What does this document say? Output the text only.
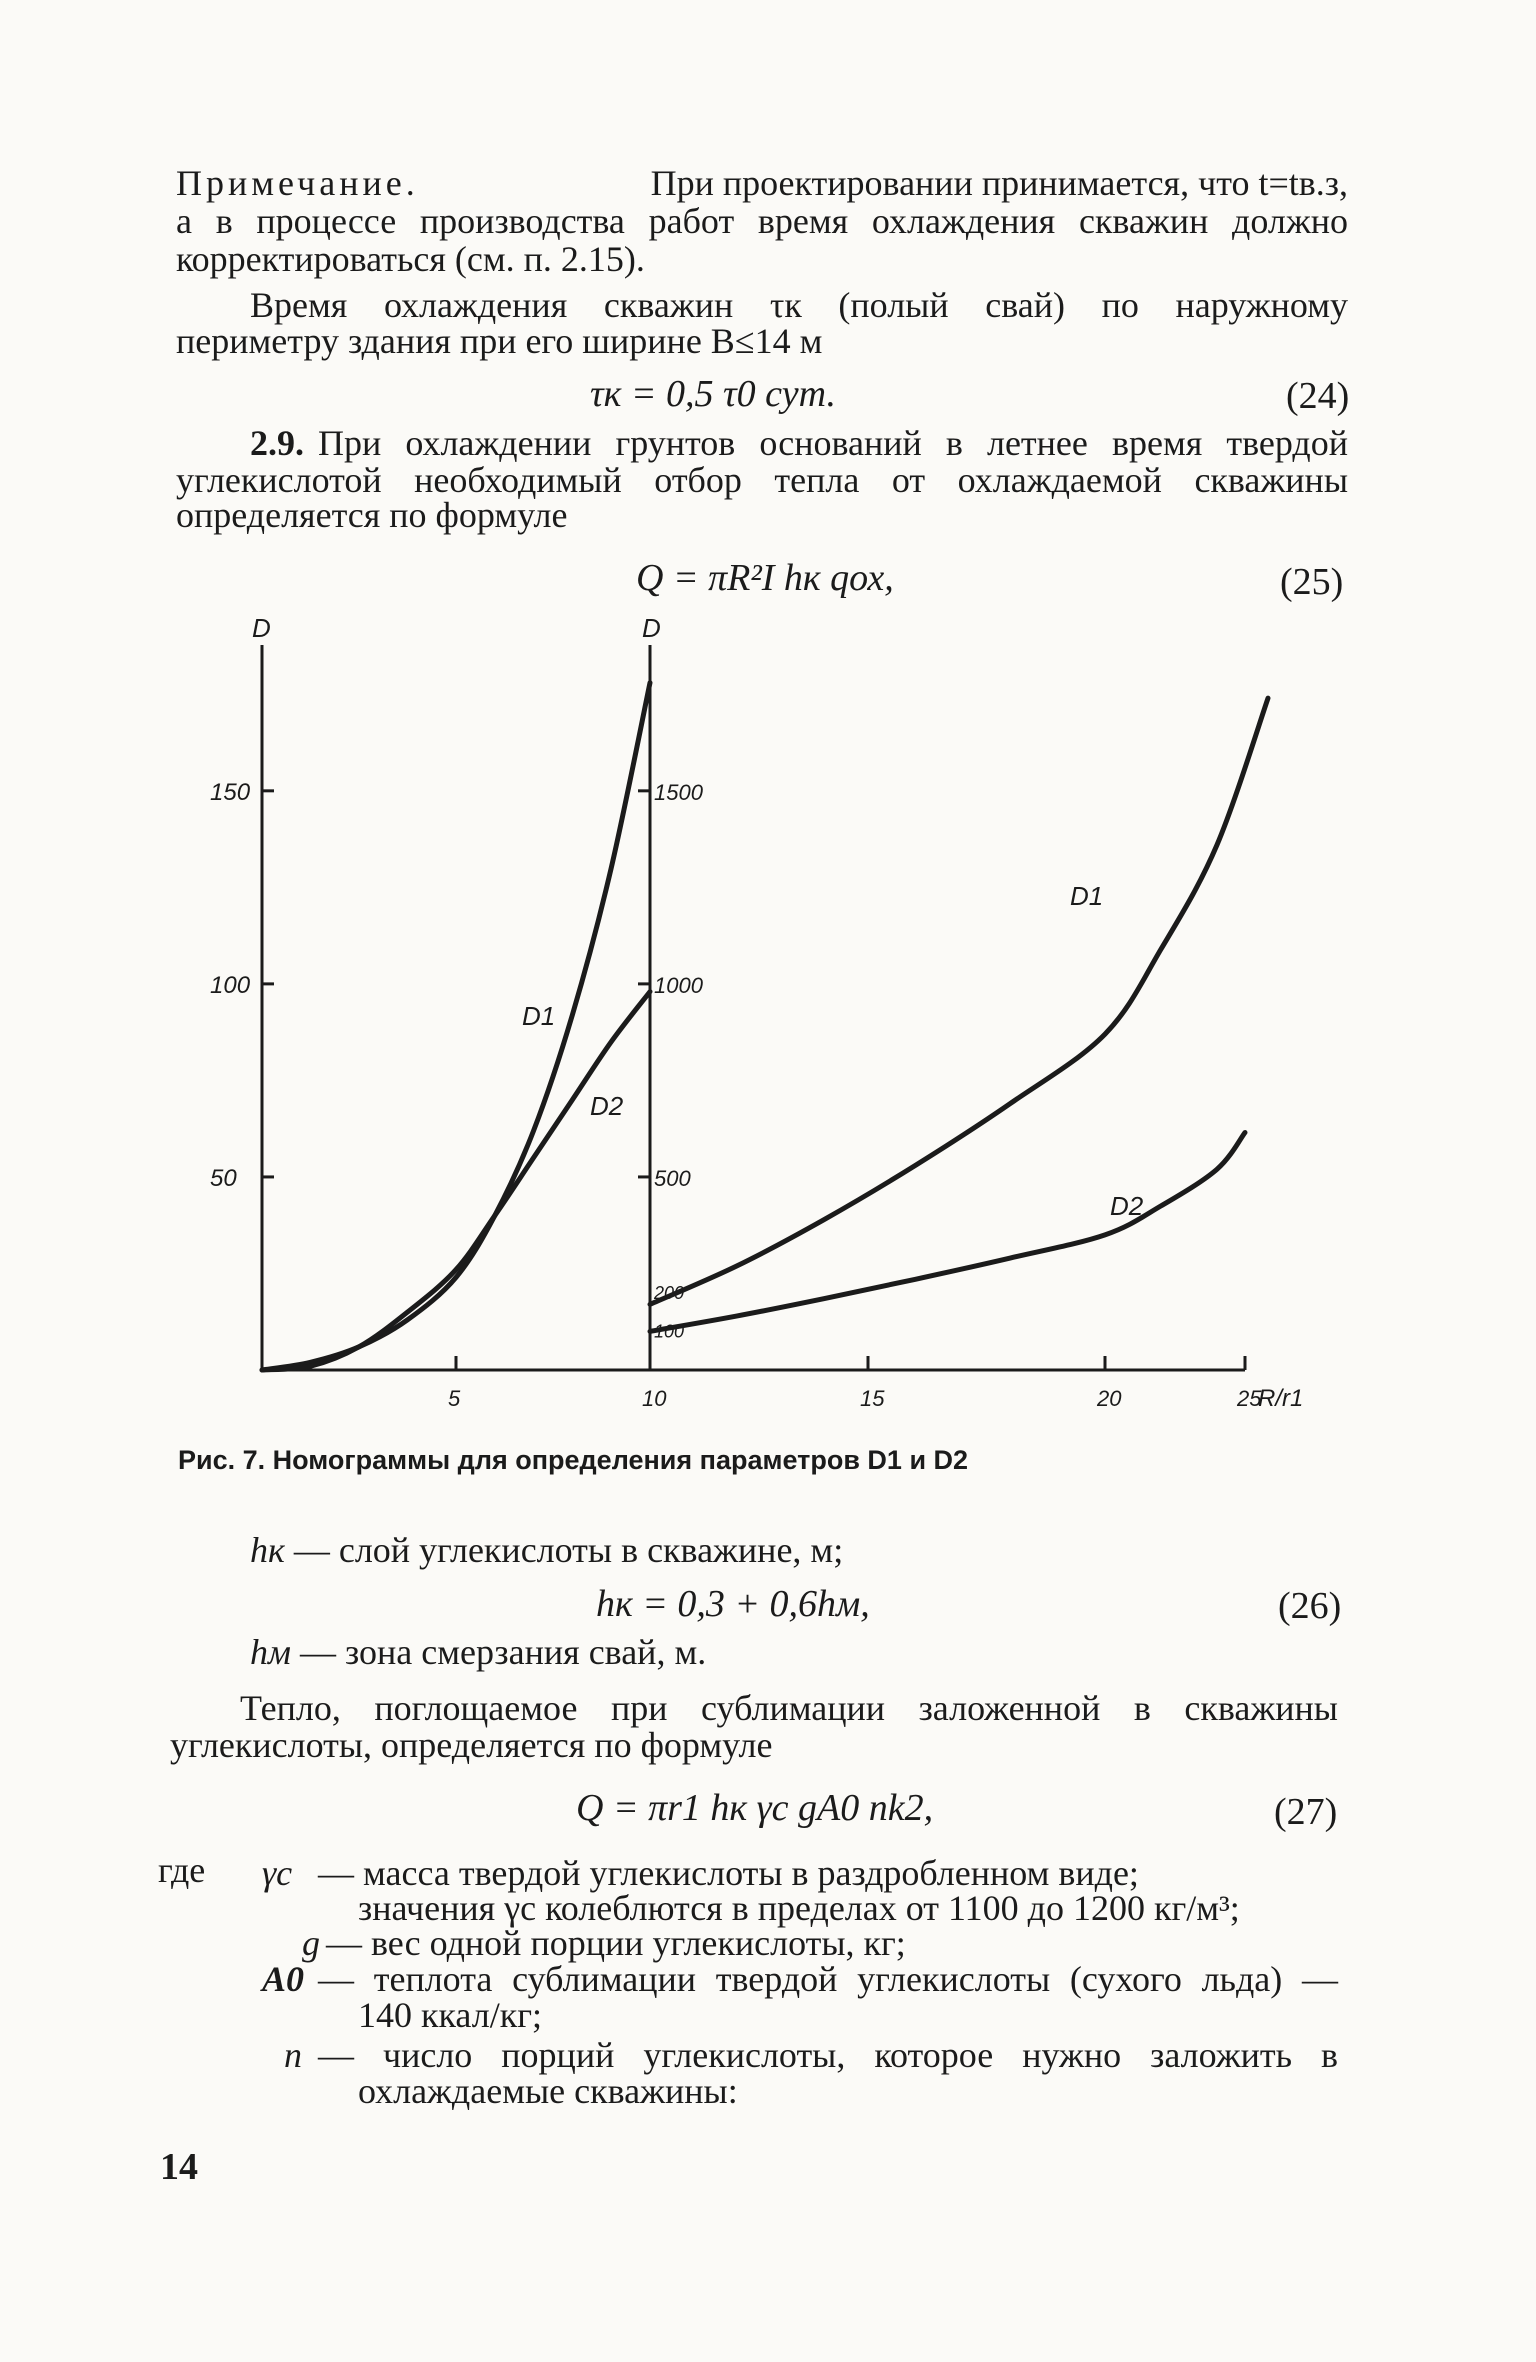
Примечание.	При проектировании принимается, что t=tв.з,
а в процессе производства работ время охлаждения скважин должно
корректироваться (см. п. 2.15).
Время охлаждения скважин τк (полый свай) по наружному
периметру здания при его ширине B≤14 м
τк = 0,5 τ0 сут.	(24)
2.9. При охлаждении грунтов оснований в летнее время твердой
углекислотой необходимый отбор тепла от охлаждаемой скважины
определяется по формуле
Q = πR²I hк qох,	(25)
D
50
100
150
D
100
200
500
1000
1500
5	10	15	20	25
R/r1
D1
D2
D1
D2
Рис. 7. Номограммы для определения параметров D1 и D2
hк — слой углекислоты в скважине, м;
hк = 0,3 + 0,6hм,	(26)
hм — зона смерзания свай, м.
Тепло, поглощаемое при сублимации заложенной в скважины
углекислоты, определяется по формуле
Q = πr1 hк γc gA0 nk2,	(27)
где γc — масса твердой углекислоты в раздробленном виде;
значения γc колеблются в пределах от 1100 до 1200 кг/м³;
g — вес одной порции углекислоты, кг;
A0 — теплота сублимации твердой углекислоты (сухого льда) —
140 ккал/кг;
n — число порций углекислоты, которое нужно заложить в
охлаждаемые скважины:
14
